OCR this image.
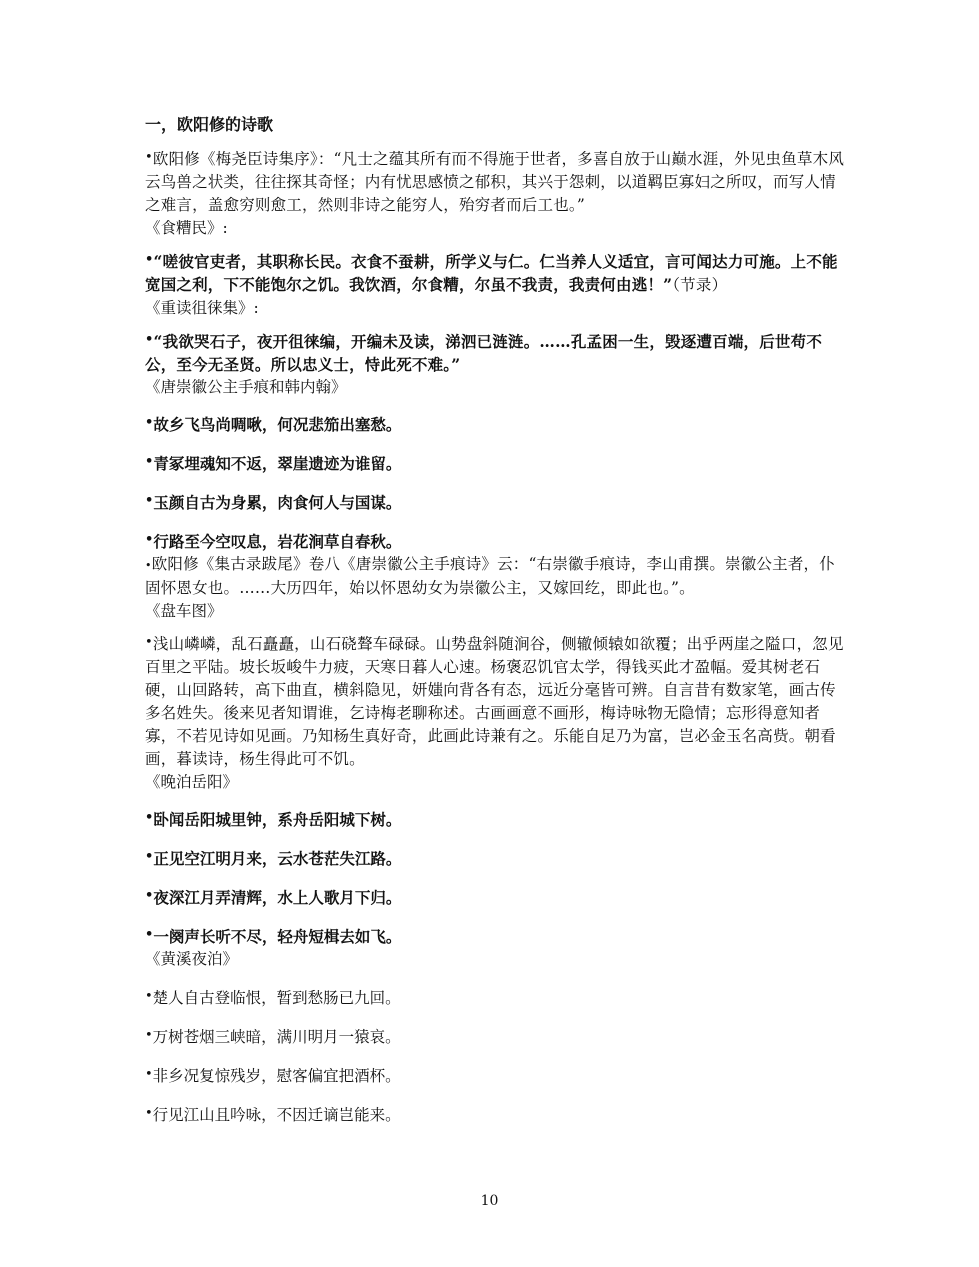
一，欧阳修的诗歌

•欧阳修《梅尧臣诗集序》：“凡士之蕴其所有而不得施于世者，多喜自放于山巅水涯，外见虫鱼草木风云鸟兽之状类，往往探其奇怪；内有忧思感愤之郁积，其兴于怨刺，以道羁臣寡妇之所叹，而写人情之难言，盖愈穷则愈工，然则非诗之能穷人，殆穷者而后工也。”

《食糟民》:

•“嗟彼官吏者，其职称长民。衣食不蚕耕，所学义与仁。仁当养人义适宜，言可闻达力可施。上不能宽国之利，下不能饱尔之饥。我饮酒，尔食糟，尔虽不我责，我责何由逃！”（节录）

《重读徂徕集》:

•“我欲哭石子，夜开徂徕编，开编未及读，涕泗已涟涟。……孔孟困一生，毁逐遭百端，后世苟不公，至今无圣贤。所以忠义士，恃此死不难。”

《唐崇徽公主手痕和韩内翰》

•故乡飞鸟尚啁啾，何况悲笳出塞愁。

•青冢埋魂知不返，翠崖遗迹为谁留。

•玉颜自古为身累，肉食何人与国谋。

•行路至今空叹息，岩花涧草自春秋。

•欧阳修《集古录跋尾》卷八《唐崇徽公主手痕诗》云：“右崇徽手痕诗，李山甫撰。崇徽公主者，仆固怀恩女也。……大历四年，始以怀恩幼女为崇徽公主，又嫁回纥，即此也。”。

《盘车图》

•浅山嶙嶙，乱石矗矗，山石硗聱车碌碌。山势盘斜随涧谷，侧辙倾辕如欲覆；出乎两崖之隘口，忽见百里之平陆。坡长坂峻牛力疲，天寒日暮人心速。杨褒忍饥官太学，得钱买此才盈幅。爱其树老石硬，山回路转，高下曲直，横斜隐见，妍媸向背各有态，远近分毫皆可辨。自言昔有数家笔，画古传多名姓失。後来见者知谓谁，乞诗梅老聊称述。古画画意不画形，梅诗咏物无隐情；忘形得意知者寡，不若见诗如见画。乃知杨生真好奇，此画此诗兼有之。乐能自足乃为富，岂必金玉名高赀。朝看画，暮读诗，杨生得此可不饥。

《晚泊岳阳》

•卧闻岳阳城里钟，系舟岳阳城下树。

•正见空江明月来，云水苍茫失江路。

•夜深江月弄清辉，水上人歌月下归。

•一阕声长听不尽，轻舟短楫去如飞。

《黄溪夜泊》

•楚人自古登临恨，暂到愁肠已九回。

•万树苍烟三峡暗，满川明月一猿哀。

•非乡况复惊残岁，慰客偏宜把酒杯。

•行见江山且吟咏，不因迁谪岂能来。

10
